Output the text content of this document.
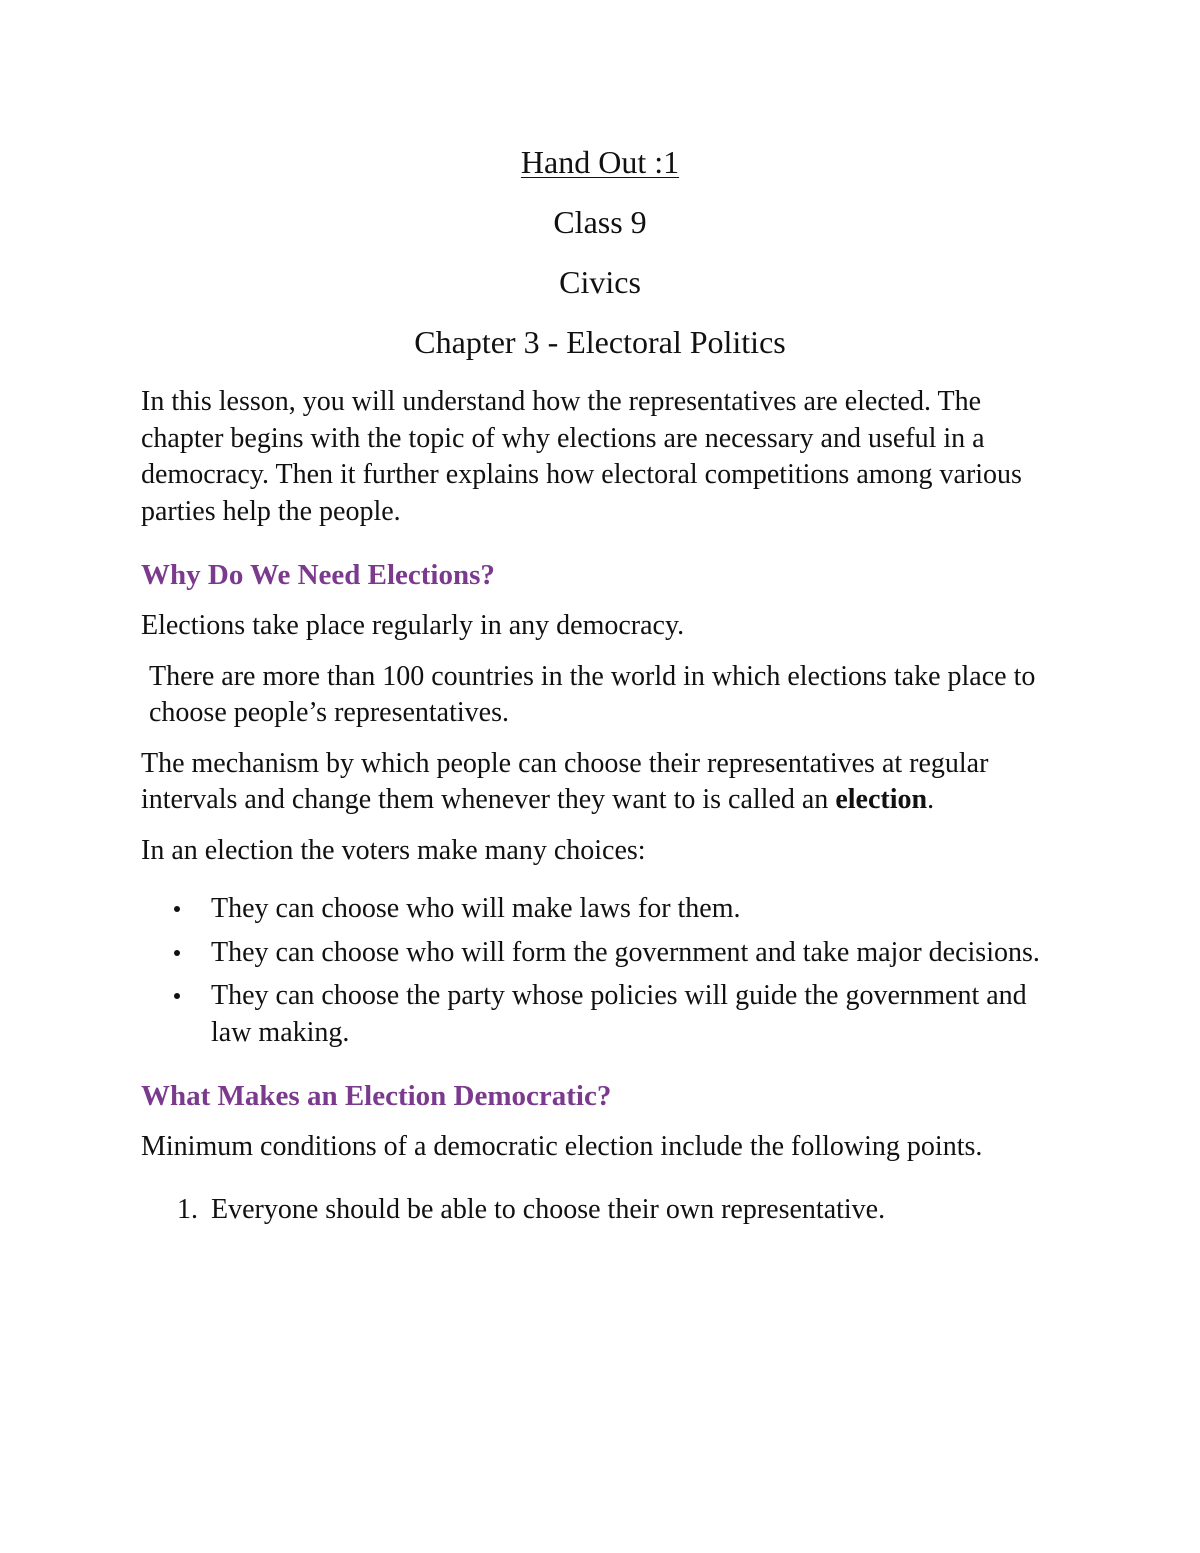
Hand Out :1

Class 9

Civics

Chapter 3 - Electoral Politics

In this lesson, you will understand how the representatives are elected. The chapter begins with the topic of why elections are necessary and useful in a democracy. Then it further explains how electoral competitions among various parties help the people.

Why Do We Need Elections?

Elections take place regularly in any democracy.

There are more than 100 countries in the world in which elections take place to choose people’s representatives.

The mechanism by which people can choose their representatives at regular intervals and change them whenever they want to is called an election.

In an election the voters make many choices:

They can choose who will make laws for them.
They can choose who will form the government and take major decisions.
They can choose the party whose policies will guide the government and law making.
What Makes an Election Democratic?

Minimum conditions of a democratic election include the following points.

1. Everyone should be able to choose their own representative.
